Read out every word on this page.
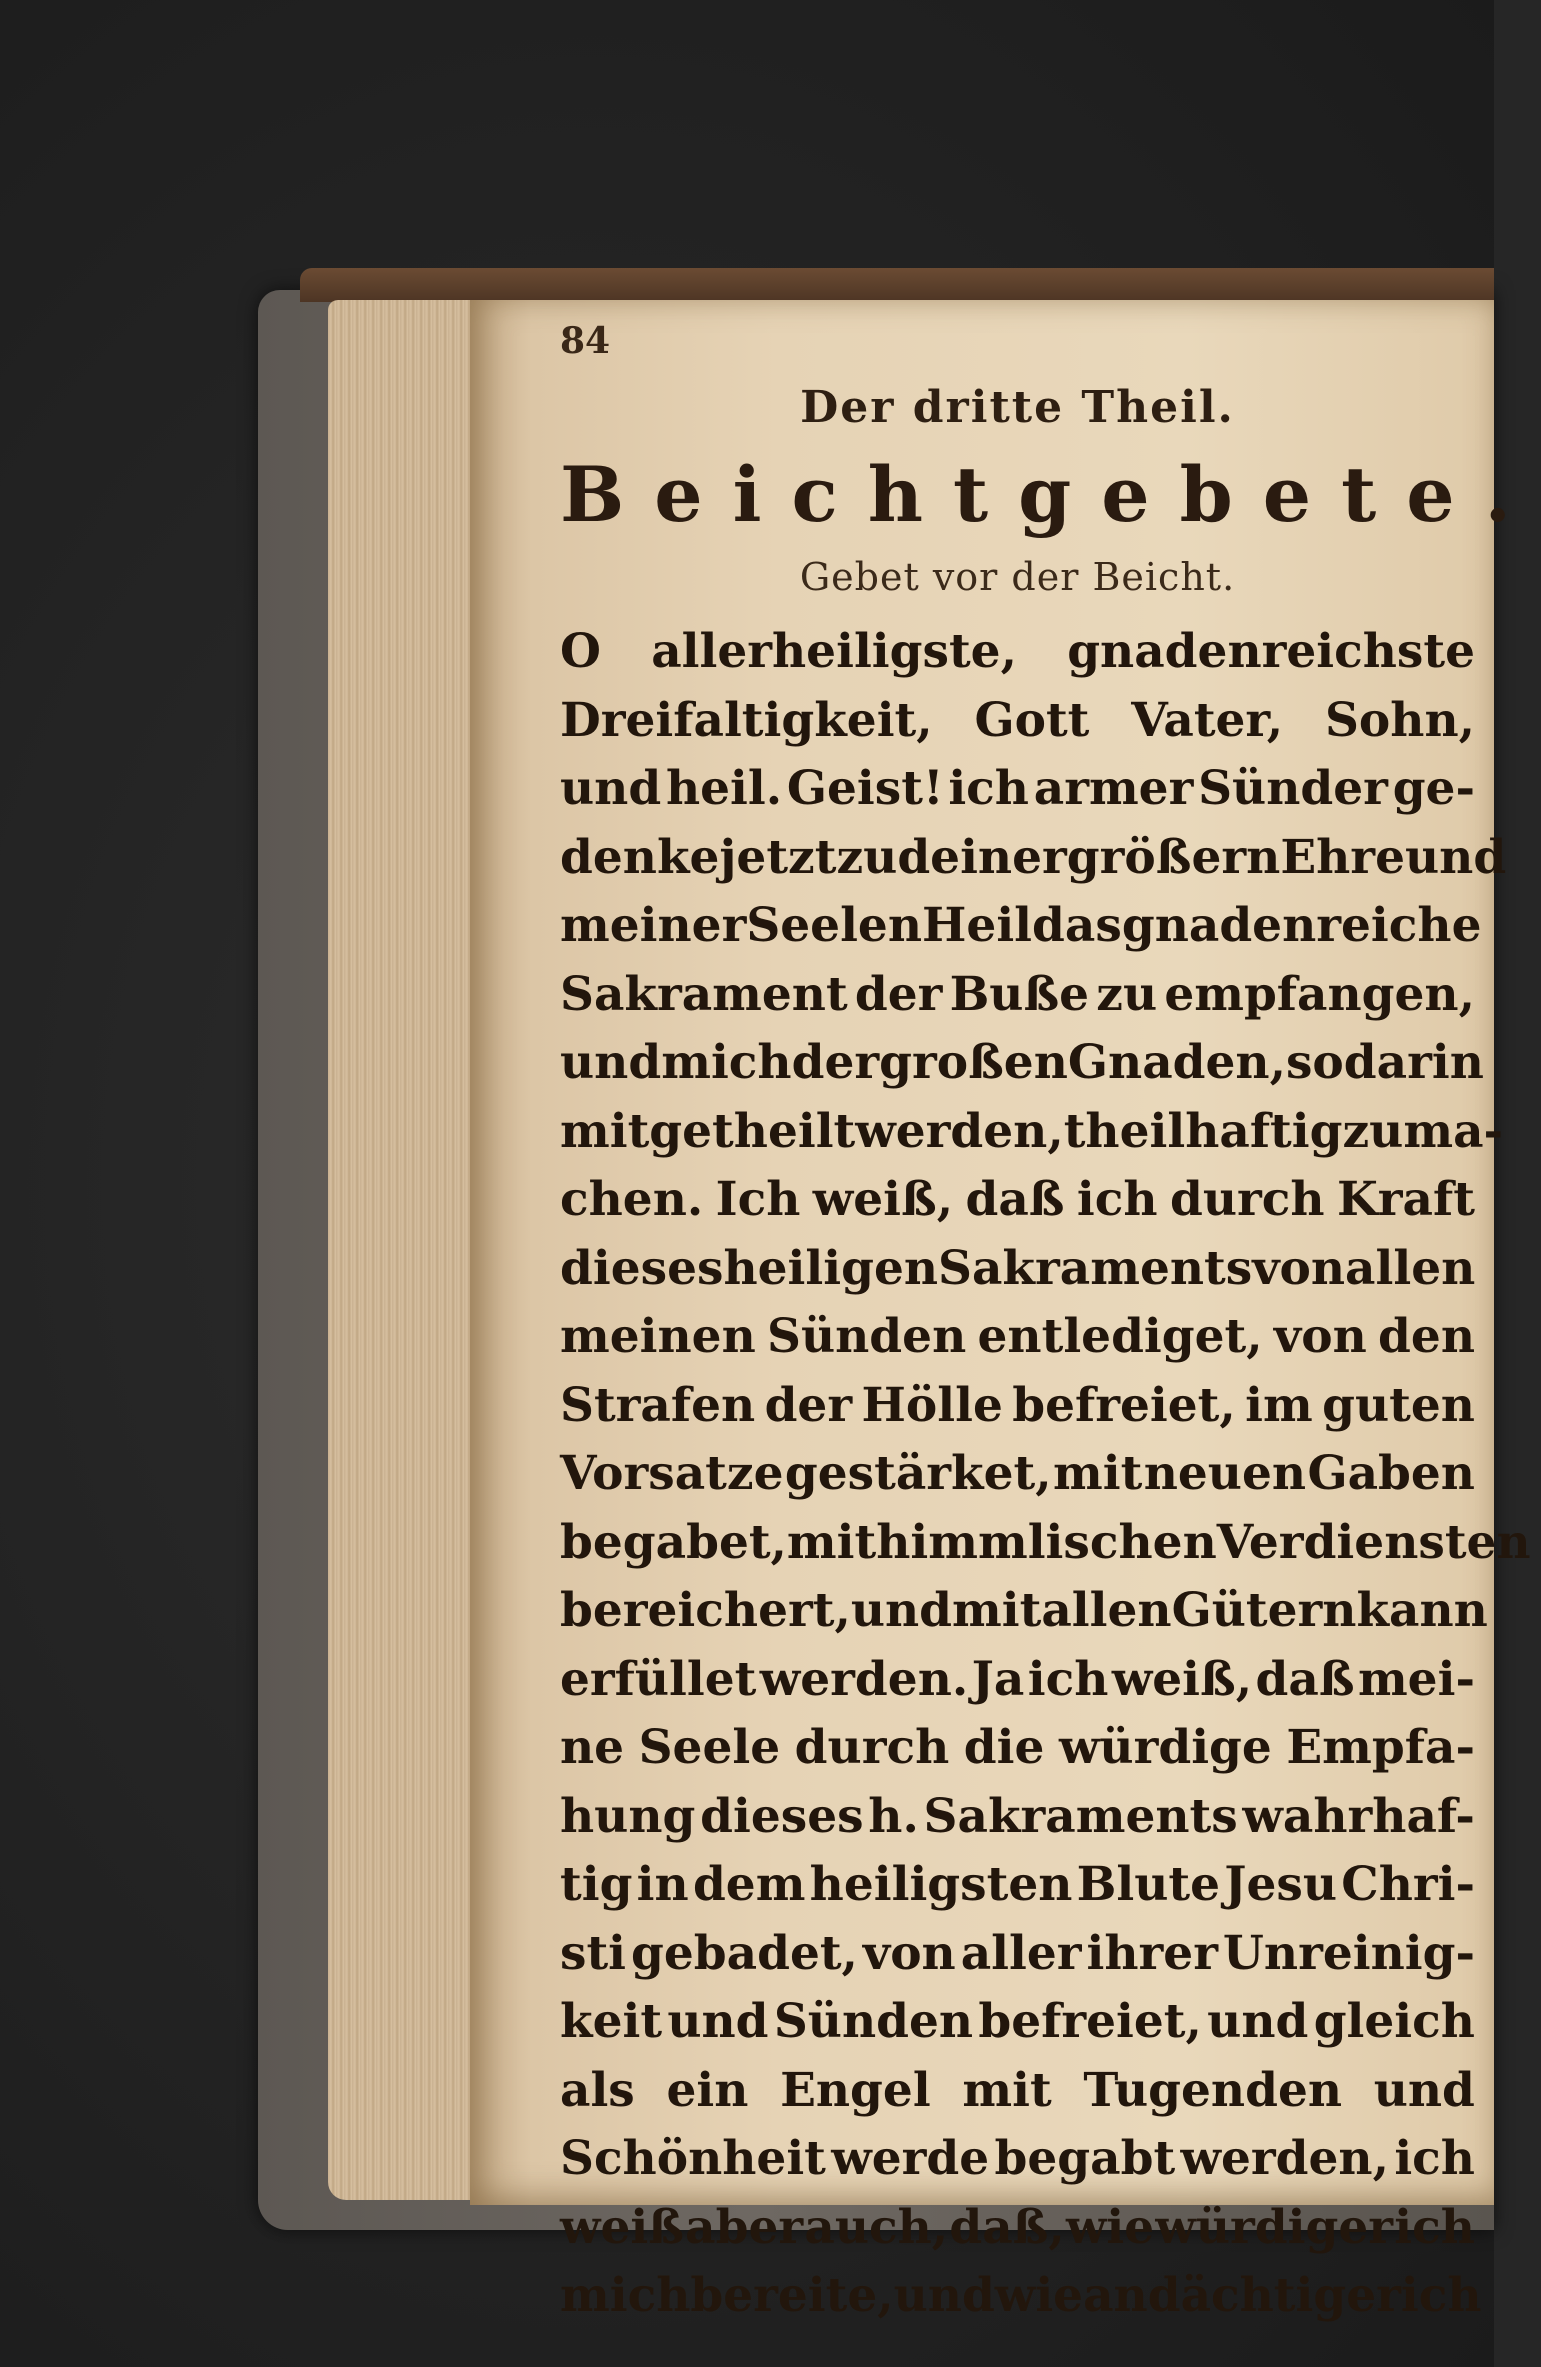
84
Der dritte Theil.
Beichtgebete.
Gebet vor der Beicht.
O allerheiligste, gnadenreichste
Dreifaltigkeit, Gott Vater, Sohn,
und heil. Geist! ich armer Sünder ge-
denke jetzt zu deiner größern Ehre und
meiner Seelen Heil das gnadenreiche
Sakrament der Buße zu empfangen,
und mich der großen Gnaden, so darin
mitgetheilt werden, theilhaftig zu ma-
chen. Ich weiß, daß ich durch Kraft
dieses heiligen Sakraments von allen
meinen Sünden entlediget, von den
Strafen der Hölle befreiet, im guten
Vorsatze gestärket, mit neuen Gaben
begabet, mit himmlischen Verdiensten
bereichert, und mit allen Gütern kann
erfüllet werden. Ja ich weiß, daß mei-
ne Seele durch die würdige Empfa-
hung dieses h. Sakraments wahrhaf-
tig in dem heiligsten Blute Jesu Chri-
sti gebadet, von aller ihrer Unreinig-
keit und Sünden befreiet, und gleich
als ein Engel mit Tugenden und
Schönheit werde begabt werden, ich
weiß aber auch, daß, wie würdiger ich
mich bereite, und wie andächtiger ich
